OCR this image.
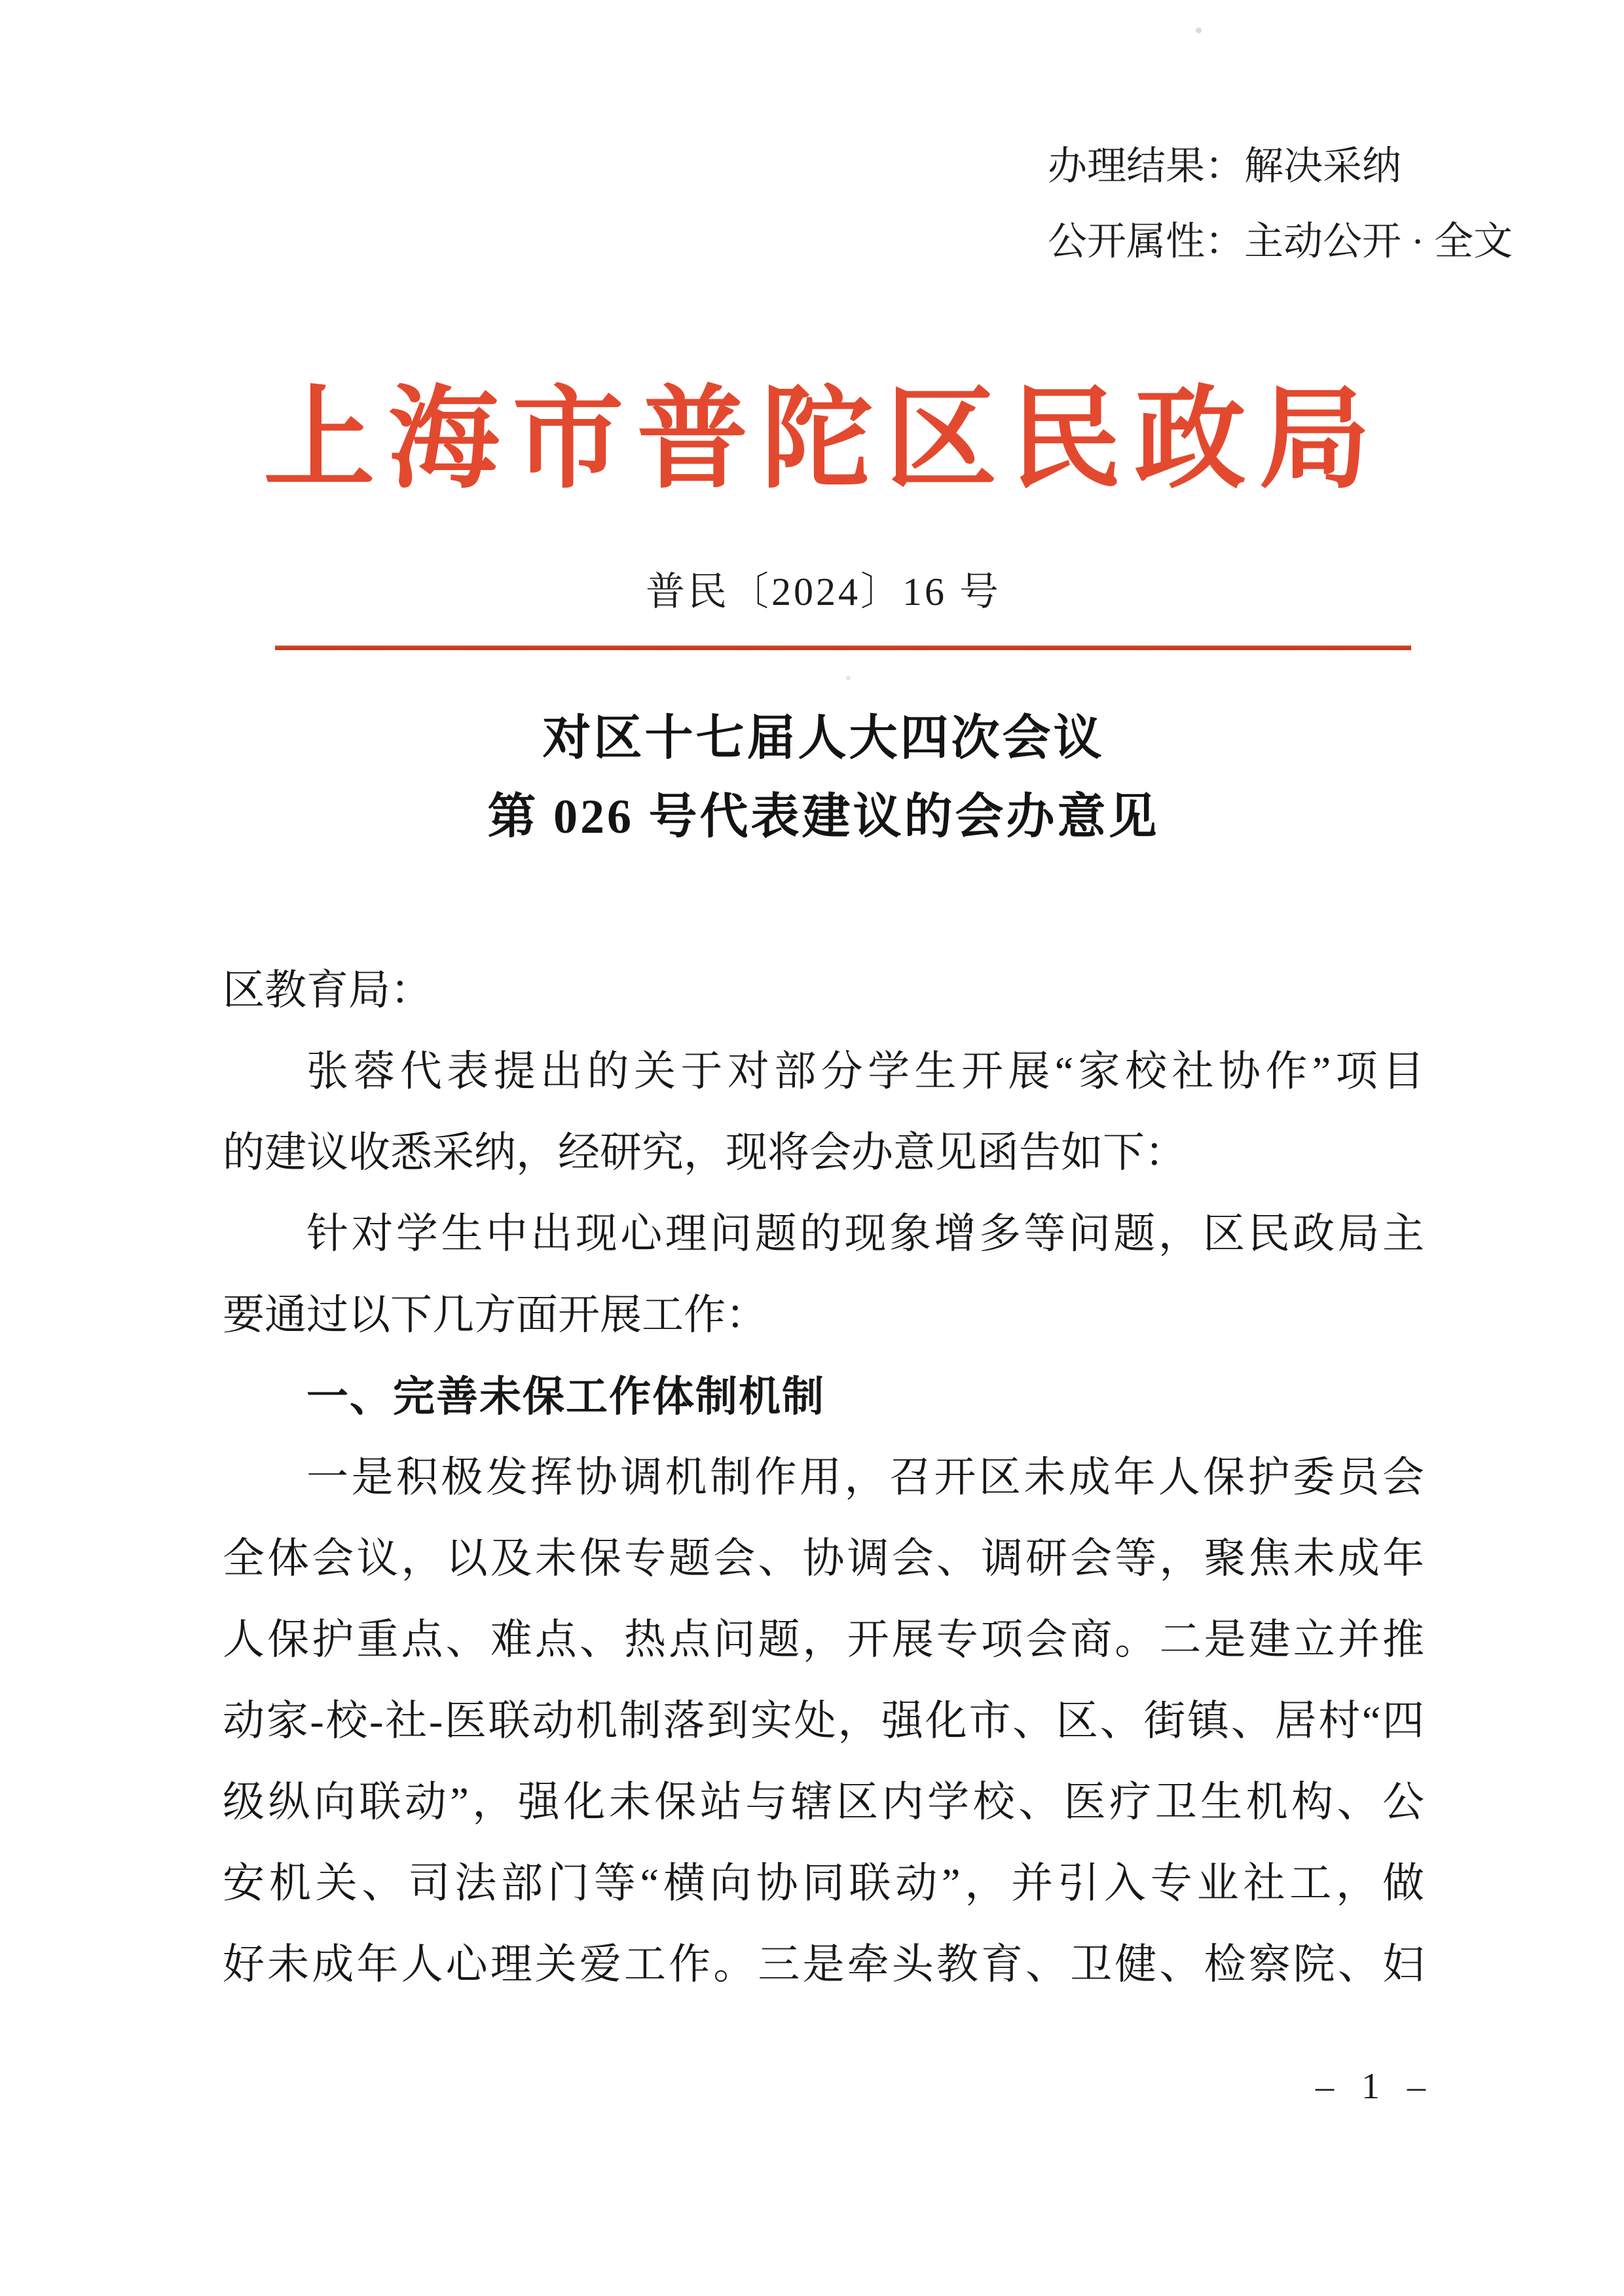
办理结果：解决采纳
公开属性：主动公开 · 全文
上海市普陀区民政局
普民〔2024〕16 号
对区十七届人大四次会议
第 026 号代表建议的会办意见
区教育局：
张蓉代表提出的关于对部分学生开展“家校社协作”项目
的建议收悉采纳，经研究，现将会办意见函告如下：
针对学生中出现心理问题的现象增多等问题，区民政局主
要通过以下几方面开展工作：
一、完善未保工作体制机制
一是积极发挥协调机制作用，召开区未成年人保护委员会
全体会议，以及未保专题会、协调会、调研会等，聚焦未成年
人保护重点、难点、热点问题，开展专项会商。二是建立并推
动家-校-社-医联动机制落到实处，强化市、区、街镇、居村“四
级纵向联动”，强化未保站与辖区内学校、医疗卫生机构、公
安机关、司法部门等“横向协同联动”，并引入专业社工，做
好未成年人心理关爱工作。三是牵头教育、卫健、检察院、妇
– 1 –
